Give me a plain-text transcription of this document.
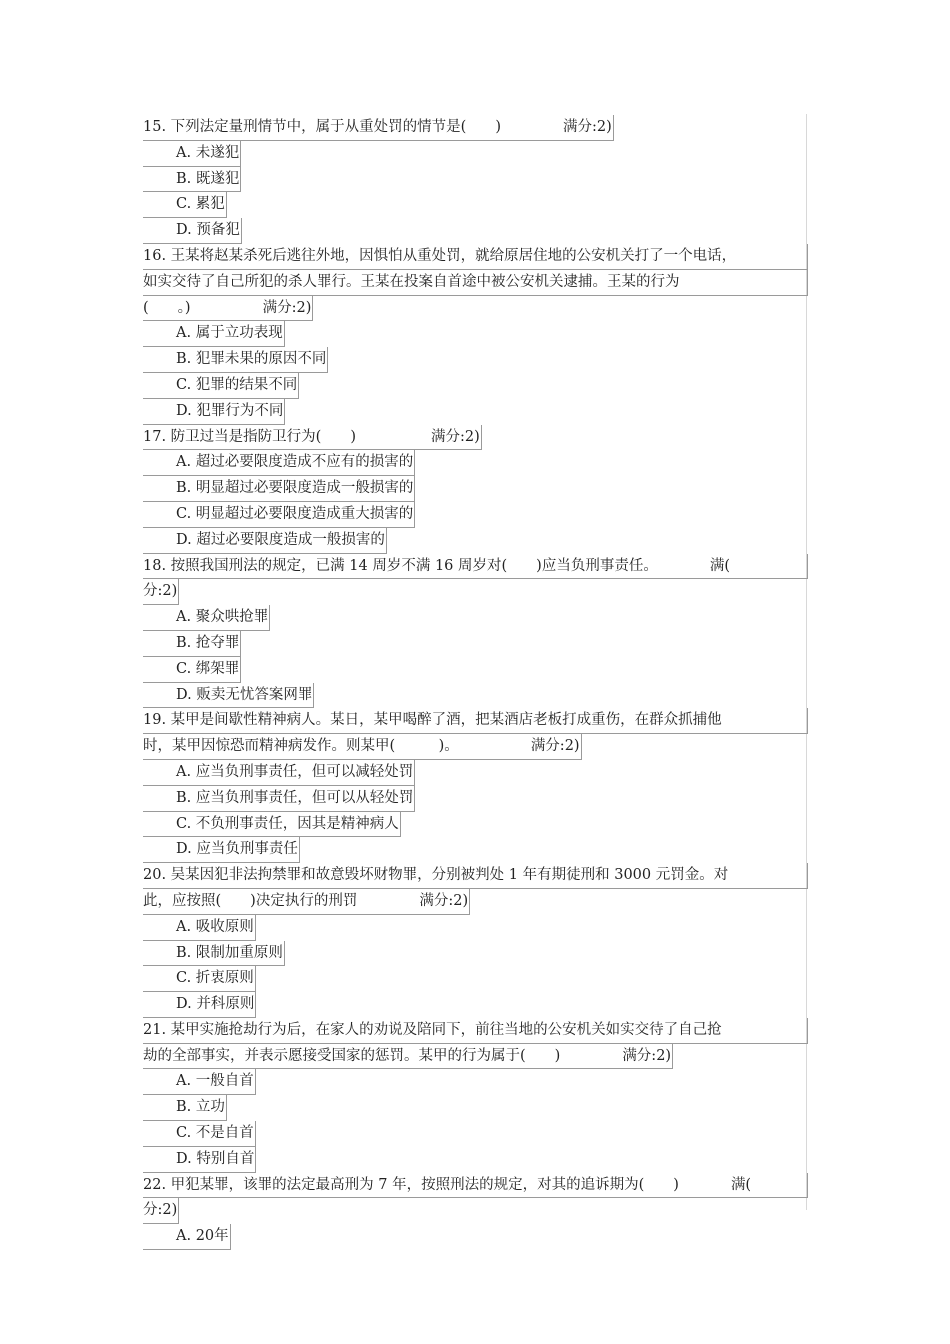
15. 下列法定量刑情节中，属于从重处罚的情节是(　　)	满分:2)
A. 未遂犯
B. 既遂犯
C. 累犯
D. 预备犯
16. 王某将赵某杀死后逃往外地，因惧怕从重处罚，就给原居住地的公安机关打了一个电话，
如实交待了自己所犯的杀人罪行。王某在投案自首途中被公安机关逮捕。王某的行为
(　　。)	满分:2)
A. 属于立功表现
B. 犯罪未果的原因不同
C. 犯罪的结果不同
D. 犯罪行为不同
17. 防卫过当是指防卫行为(　　)	满分:2)
A. 超过必要限度造成不应有的损害的
B. 明显超过必要限度造成一般损害的
C. 明显超过必要限度造成重大损害的
D. 超过必要限度造成一般损害的
18. 按照我国刑法的规定，已满 14 周岁不满 16 周岁对(　　)应当负刑事责任。	满(
分:2)
A. 聚众哄抢罪
B. 抢夺罪
C. 绑架罪
D. 贩卖无忧答案网罪
19. 某甲是间歇性精神病人。某日，某甲喝醉了酒，把某酒店老板打成重伤，在群众抓捕他
时，某甲因惊恐而精神病发作。则某甲(　　　)。	满分:2)
A. 应当负刑事责任，但可以减轻处罚
B. 应当负刑事责任，但可以从轻处罚
C. 不负刑事责任，因其是精神病人
D. 应当负刑事责任
20. 吴某因犯非法拘禁罪和故意毁坏财物罪，分别被判处 1 年有期徒刑和 3000 元罚金。对
此，应按照(　　)决定执行的刑罚	满分:2)
A. 吸收原则
B. 限制加重原则
C. 折衷原则
D. 并科原则
21. 某甲实施抢劫行为后，在家人的劝说及陪同下，前往当地的公安机关如实交待了自己抢
劫的全部事实，并表示愿接受国家的惩罚。某甲的行为属于(　　)	满分:2)
A. 一般自首
B. 立功
C. 不是自首
D. 特别自首
22. 甲犯某罪，该罪的法定最高刑为 7 年，按照刑法的规定，对其的追诉期为(　　)	满(
分:2)
A. 20年
